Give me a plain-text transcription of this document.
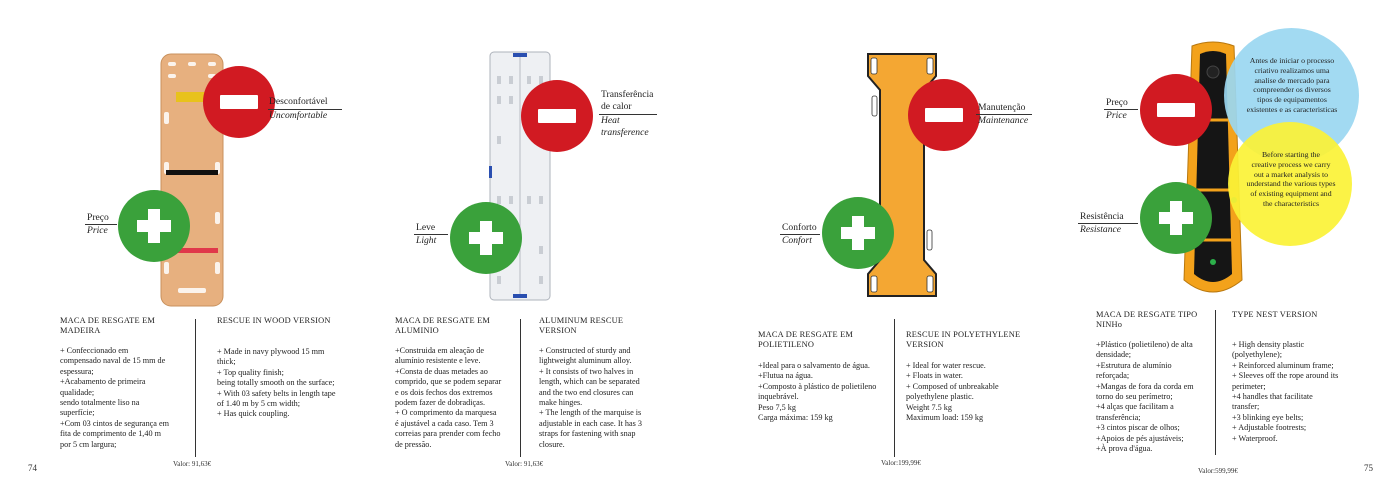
Desconfortável
Uncomfortable
Preço
Price
MACA DE RESGATE EM
MADEIRA
+ Confeccionado em
compensado naval de 15 mm de
espessura;
+Acabamento de primeira
qualidade;
sendo totalmente liso na
superfície;
+Com 03 cintos de segurança em
fita de comprimento de 1,40 m
por 5 cm largura;
RESCUE IN WOOD VERSION
+ Made in navy plywood 15 mm
thick;
+ Top quality finish;
being totally smooth on the surface;
+ With 03 safety belts in length tape
of 1.40 m by 5 cm width;
+ Has quick coupling.
Valor: 91,63€
Transferência
de calor
Heat
transference
Leve
Light
MACA DE RESGATE EM
ALUMINIO
+Construida em aleação de
alumínio resistente e leve.
+Consta de duas metades ao
comprido, que se podem separar
e os dois fechos dos extremos
podem fazer de dobradiças.
+ O comprimento da marquesa
é ajustável a cada caso. Tem 3
correias para prender com fecho
de pressão.
ALUMINUM RESCUE
VERSION
+ Constructed of sturdy and
lightweight aluminum alloy.
+ It consists of two halves in
length, which can be separated
and the two end closures can
make hinges.
+ The length of the marquise is
adjustable in each case. It has 3
straps for fastening with snap
closure.
Valor: 91,63€
Manutenção
Maintenance
Conforto
Confort
MACA DE RESGATE EM
POLIETILENO
+Ideal para o salvamento de água.
+Flutua na água.
+Composto à plástico de polietileno
inquebrável.
Peso 7,5 kg
Carga máxima: 159 kg
RESCUE IN POLYETHYLENE
VERSION
+ Ideal for water rescue.
+ Floats in water.
+ Composed of unbreakable
polyethylene plastic.
Weight 7.5 kg
Maximum load: 159 kg
Valor:199,99€
Antes de iniciar o processo
criativo realizamos uma
analise de mercado para
compreender os diversos
tipos de equipamentos
existentes e as caracteristicas
Before starting the
creative process we carry
out a market analysis to
understand the various types
of existing equipment and
the characteristics
Preço
Price
Resistência
Resistance
MACA DE RESGATE TIPO
NINHo
+Plástico (polietileno) de alta
densidade;
+Estrutura de alumínio
reforçada;
+Mangas de fora da corda em
torno do seu perímetro;
+4 alças que facilitam a
transferência;
+3 cintos piscar de olhos;
+Apoios de pés ajustáveis;
+À prova d'água.
TYPE NEST VERSION
+ High density plastic
(polyethylene);
+ Reinforced aluminum frame;
+ Sleeves off the rope around its
perimeter;
+4 handles that facilitate
transfer;
+3 blinking eye belts;
+ Adjustable footrests;
+ Waterproof.
Valor:599,99€
74	75
